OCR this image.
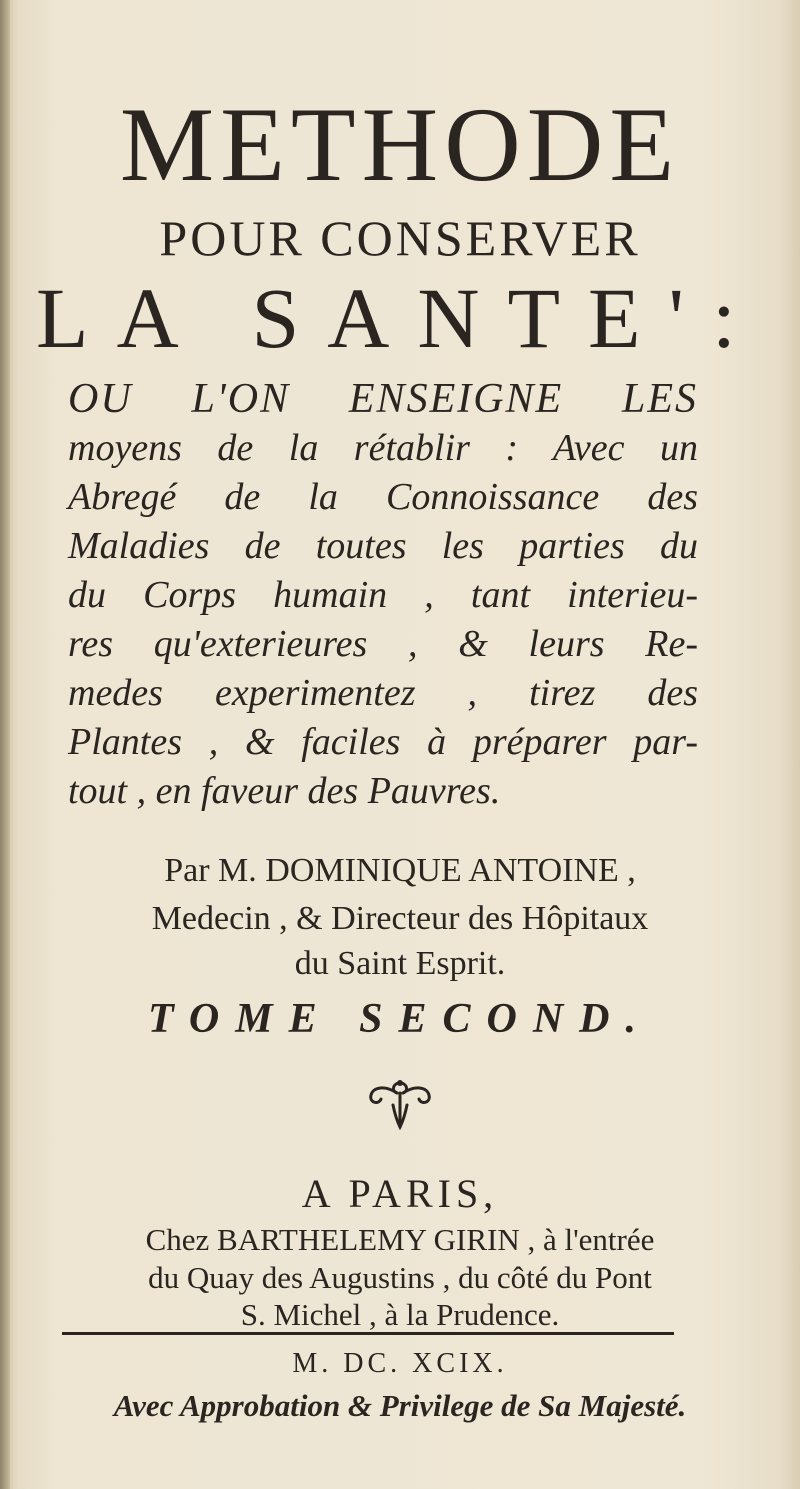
METHODE
POUR CONSERVER
LA SANTE':
OU L'ON ENSEIGNE LES
moyens de la rétablir : Avec un
Abregé de la Connoissance des
Maladies de toutes les parties du
du Corps humain , tant interieu-
res qu'exterieures , & leurs Re-
medes experimentez , tirez des
Plantes , & faciles à préparer par-
tout , en faveur des Pauvres.
Par M. DOMINIQUE ANTOINE ,
Medecin , & Directeur des Hôpitaux
du Saint Esprit.
TOME SECOND.
A PARIS,
Chez BARTHELEMY GIRIN , à l'entrée
du Quay des Augustins , du côté du Pont
S. Michel , à la Prudence.
M. DC. XCIX.
Avec Approbation & Privilege de Sa Majesté.
